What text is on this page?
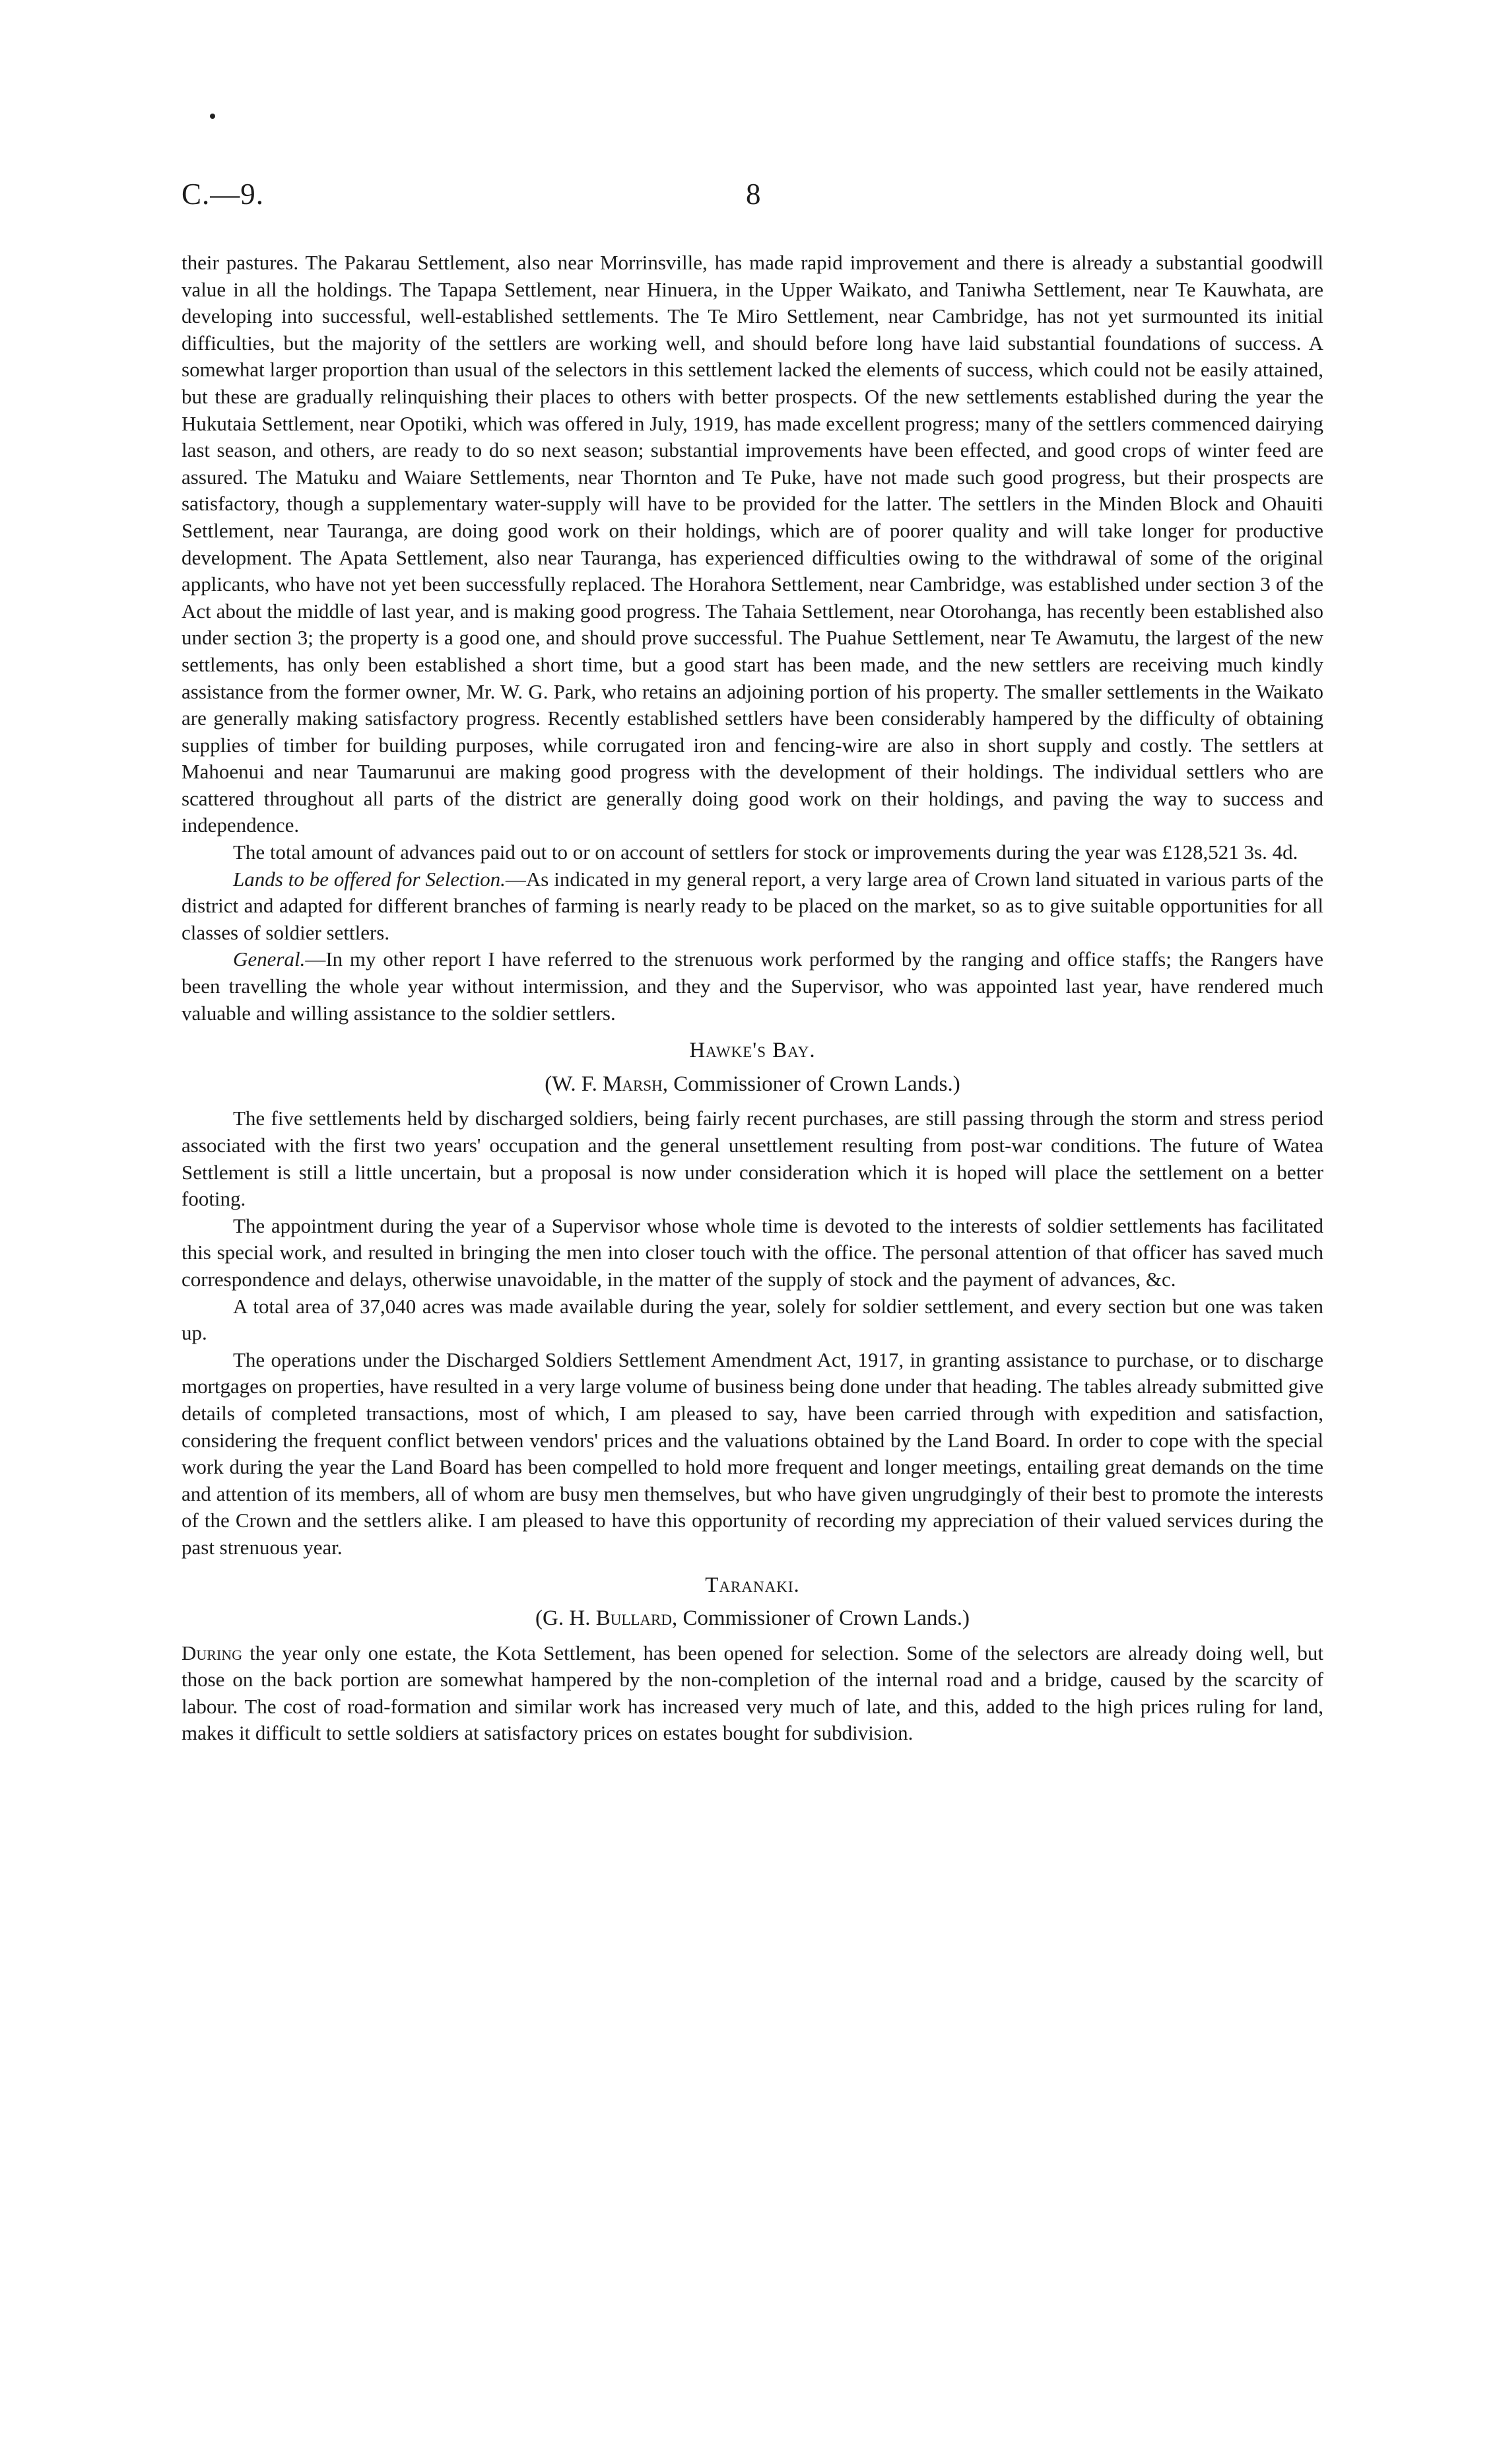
C.—9.	8

their pastures. The Pakarau Settlement, also near Morrinsville, has made rapid improvement and there is already a substantial goodwill value in all the holdings. The Tapapa Settlement, near Hinuera, in the Upper Waikato, and Taniwha Settlement, near Te Kauwhata, are developing into successful, well-established settlements. The Te Miro Settlement, near Cambridge, has not yet surmounted its initial difficulties, but the majority of the settlers are working well, and should before long have laid substantial foundations of success. A somewhat larger proportion than usual of the selectors in this settlement lacked the elements of success, which could not be easily attained, but these are gradually relinquishing their places to others with better prospects. Of the new settlements established during the year the Hukutaia Settlement, near Opotiki, which was offered in July, 1919, has made excellent progress; many of the settlers commenced dairying last season, and others, are ready to do so next season; substantial improvements have been effected, and good crops of winter feed are assured. The Matuku and Waiare Settlements, near Thornton and Te Puke, have not made such good progress, but their prospects are satisfactory, though a supplementary water-supply will have to be provided for the latter. The settlers in the Minden Block and Ohauiti Settlement, near Tauranga, are doing good work on their holdings, which are of poorer quality and will take longer for productive development. The Apata Settlement, also near Tauranga, has experienced difficulties owing to the withdrawal of some of the original applicants, who have not yet been successfully replaced. The Horahora Settlement, near Cambridge, was established under section 3 of the Act about the middle of last year, and is making good progress. The Tahaia Settlement, near Otorohanga, has recently been established also under section 3; the property is a good one, and should prove successful. The Puahue Settlement, near Te Awamutu, the largest of the new settlements, has only been established a short time, but a good start has been made, and the new settlers are receiving much kindly assistance from the former owner, Mr. W. G. Park, who retains an adjoining portion of his property. The smaller settlements in the Waikato are generally making satisfactory progress. Recently established settlers have been considerably hampered by the difficulty of obtaining supplies of timber for building purposes, while corrugated iron and fencing-wire are also in short supply and costly. The settlers at Mahoenui and near Taumarunui are making good progress with the development of their holdings. The individual settlers who are scattered throughout all parts of the district are generally doing good work on their holdings, and paving the way to success and independence.

The total amount of advances paid out to or on account of settlers for stock or improvements during the year was £128,521 3s. 4d.

Lands to be offered for Selection.—As indicated in my general report, a very large area of Crown land situated in various parts of the district and adapted for different branches of farming is nearly ready to be placed on the market, so as to give suitable opportunities for all classes of soldier settlers.

General.—In my other report I have referred to the strenuous work performed by the ranging and office staffs; the Rangers have been travelling the whole year without intermission, and they and the Supervisor, who was appointed last year, have rendered much valuable and willing assistance to the soldier settlers.

Hawke's Bay.

(W. F. Marsh, Commissioner of Crown Lands.)

The five settlements held by discharged soldiers, being fairly recent purchases, are still passing through the storm and stress period associated with the first two years' occupation and the general unsettlement resulting from post-war conditions. The future of Watea Settlement is still a little uncertain, but a proposal is now under consideration which it is hoped will place the settlement on a better footing.

The appointment during the year of a Supervisor whose whole time is devoted to the interests of soldier settlements has facilitated this special work, and resulted in bringing the men into closer touch with the office. The personal attention of that officer has saved much correspondence and delays, otherwise unavoidable, in the matter of the supply of stock and the payment of advances, &c.

A total area of 37,040 acres was made available during the year, solely for soldier settlement, and every section but one was taken up.

The operations under the Discharged Soldiers Settlement Amendment Act, 1917, in granting assistance to purchase, or to discharge mortgages on properties, have resulted in a very large volume of business being done under that heading. The tables already submitted give details of completed transactions, most of which, I am pleased to say, have been carried through with expedition and satisfaction, considering the frequent conflict between vendors' prices and the valuations obtained by the Land Board. In order to cope with the special work during the year the Land Board has been compelled to hold more frequent and longer meetings, entailing great demands on the time and attention of its members, all of whom are busy men themselves, but who have given ungrudgingly of their best to promote the interests of the Crown and the settlers alike. I am pleased to have this opportunity of recording my appreciation of their valued services during the past strenuous year.

Taranaki.

(G. H. Bullard, Commissioner of Crown Lands.)

During the year only one estate, the Kota Settlement, has been opened for selection. Some of the selectors are already doing well, but those on the back portion are somewhat hampered by the non-completion of the internal road and a bridge, caused by the scarcity of labour. The cost of road-formation and similar work has increased very much of late, and this, added to the high prices ruling for land, makes it difficult to settle soldiers at satisfactory prices on estates bought for subdivision.
